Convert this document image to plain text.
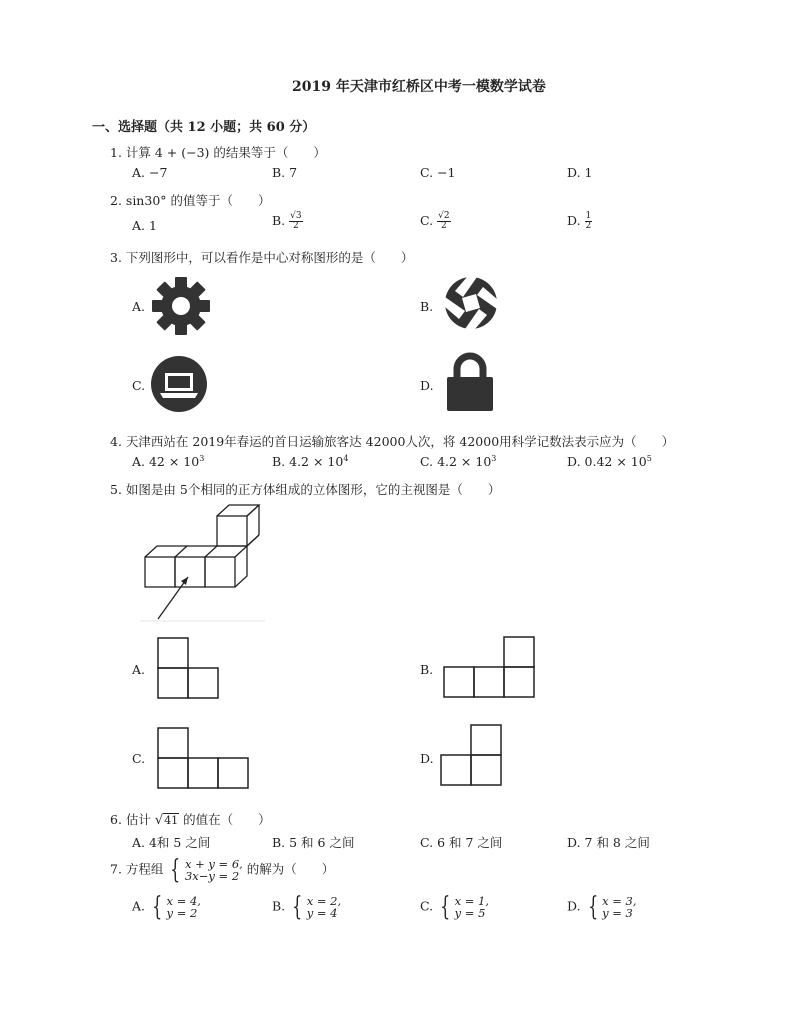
2019 年天津市红桥区中考一模数学试卷
一、选择题（共 12 小题；共 60 分）
1. 计算 4 + (−3) 的结果等于（　　）
A. −7	B. 7	C. −1	D. 1
2. sin30° 的值等于（　　）
A. 1	B. $\frac{√3}{2}$	C. $\frac{√2}{2}$	D. $\frac{1}{2}$
3. 下列图形中，可以看作是中心对称图形的是（　　）
A.	B.
C.	D.
4. 天津西站在 2019年春运的首日运输旅客达 42000人次，将 42000用科学记数法表示应为（　　）
A. $42 \times 10^3$	B. $4.2 \times 10^4$	C. $4.2 \times 10^3$	D. $0.42 \times 10^5$
5. 如图是由 5个相同的正方体组成的立体图形，它的主视图是（　　）
A.	B.
C.	D.
6. 估计 √41 的值在（　　）
A. 4和 5 之间	B. 5 和 6 之间	C. 6 和 7 之间	D. 7 和 8 之间
7. 方程组 { x + y = 6,
3x−y = 2 的解为（　　）
A. { x = 4,
y = 2	B. { x = 2,
y = 4	C. { x = 1,
y = 5	D. { x = 3,
y = 3
